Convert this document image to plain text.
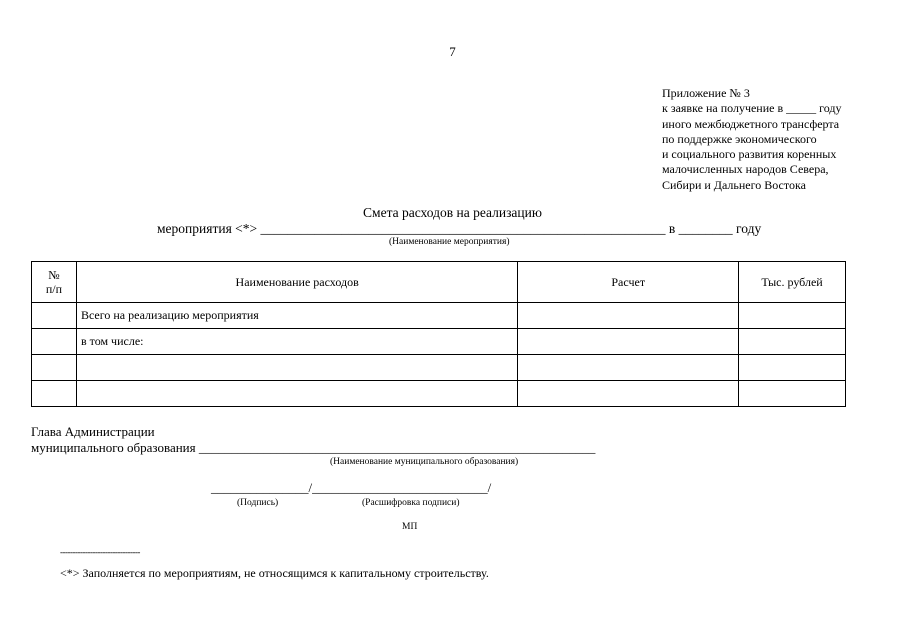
7
Приложение № 3
к заявке на получение в _____ году
иного межбюджетного трансферта
по поддержке экономического
и социального развития коренных
малочисленных народов Севера,
Сибири и Дальнего Востока
Смета расходов на реализацию
мероприятия <*> ____________________________________________________________ в ________ году
(Наименование мероприятия)
№
п/п	Наименование расходов	Расчет	Тыс. рублей
	Всего на реализацию мероприятия		
	в том числе:		

Глава Администрации
муниципального образования _____________________________________________________________
(Наименование муниципального образования)
_______________/___________________________/
(Подпись)	(Расшифровка подписи)
МП
--------------------------------
<*> Заполняется по мероприятиям, не относящимся к капитальному строительству.
